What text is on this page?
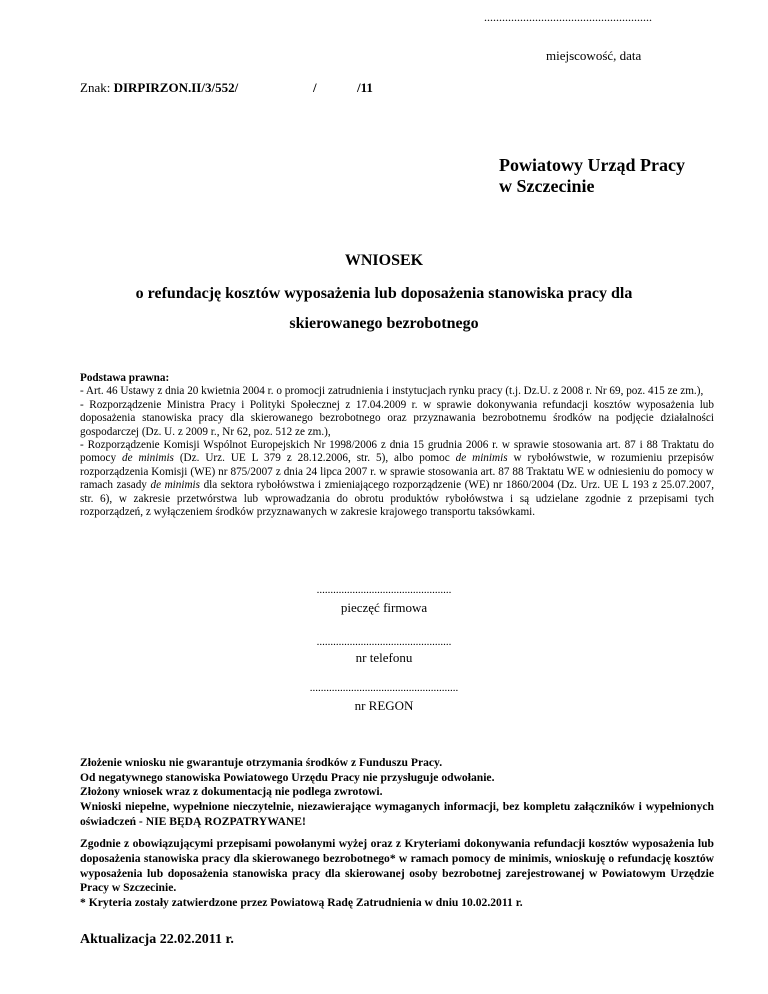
........................................................
miejscowość, data
Znak: DIRPIRZON.II/3/552/	/	/11
Powiatowy Urząd Pracy
w Szczecinie
WNIOSEK
o refundację kosztów wyposażenia lub doposażenia stanowiska pracy dla
skierowanego bezrobotnego

Podstawa prawna:

- Art. 46 Ustawy z dnia 20 kwietnia 2004 r. o promocji zatrudnienia i instytucjach rynku pracy (t.j. Dz.U. z 2008 r. Nr 69, poz. 415 ze zm.),

- Rozporządzenie Ministra Pracy i Polityki Społecznej z 17.04.2009 r. w sprawie dokonywania refundacji kosztów wyposażenia lub doposażenia stanowiska pracy dla skierowanego bezrobotnego oraz przyznawania bezrobotnemu środków na podjęcie działalności gospodarczej (Dz. U. z 2009 r., Nr 62, poz. 512 ze zm.),

- Rozporządzenie Komisji Wspólnot Europejskich Nr 1998/2006 z dnia 15 grudnia 2006 r. w sprawie stosowania art. 87 i 88 Traktatu do pomocy de minimis (Dz. Urz. UE L 379 z 28.12.2006, str. 5), albo pomoc de minimis w rybołówstwie, w rozumieniu przepisów rozporządzenia Komisji (WE) nr 875/2007 z dnia 24 lipca 2007 r. w sprawie stosowania art. 87 88 Traktatu WE w odniesieniu do pomocy w ramach zasady de minimis dla sektora rybołówstwa i zmieniającego rozporządzenie (WE) nr 1860/2004 (Dz. Urz. UE L 193 z 25.07.2007, str. 6), w zakresie przetwórstwa lub wprowadzania do obrotu produktów rybołówstwa i są udzielane zgodnie z przepisami tych rozporządzeń, z wyłączeniem środków przyznawanych w zakresie krajowego transportu taksówkami.

.................................................
pieczęć firmowa
.................................................
nr telefonu
......................................................
nr REGON

Złożenie wniosku nie gwarantuje otrzymania środków z Funduszu Pracy.

Od negatywnego stanowiska Powiatowego Urzędu Pracy nie przysługuje odwołanie.

Złożony wniosek wraz z dokumentacją nie podlega zwrotowi.

Wnioski niepełne, wypełnione nieczytelnie, niezawierające wymaganych informacji, bez kompletu załączników i wypełnionych oświadczeń - NIE BĘDĄ ROZPATRYWANE!

Zgodnie z obowiązującymi przepisami powołanymi wyżej oraz z Kryteriami dokonywania refundacji kosztów wyposażenia lub doposażenia stanowiska pracy dla skierowanego bezrobotnego* w ramach pomocy de minimis, wnioskuję o refundację kosztów wyposażenia lub doposażenia stanowiska pracy dla skierowanej osoby bezrobotnej zarejestrowanej w Powiatowym Urzędzie Pracy w Szczecinie.

* Kryteria zostały zatwierdzone przez Powiatową Radę Zatrudnienia w dniu 10.02.2011 r.

Aktualizacja 22.02.2011 r.
